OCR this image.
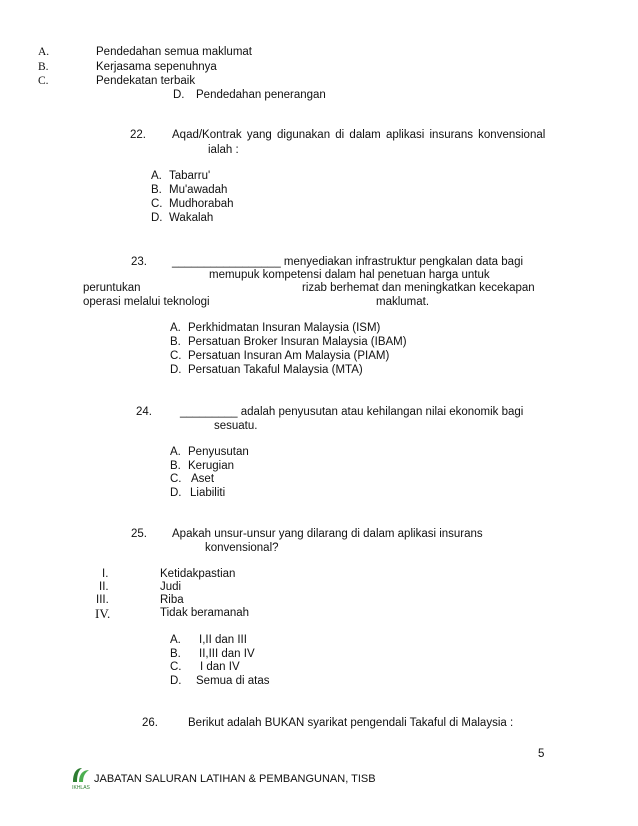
A.	Pendedahan semua maklumat
B.	Kerjasama sepenuhnya
C.	Pendekatan terbaik
D. Pendedahan penerangan
22. Aqad/Kontrak yang digunakan di dalam aplikasi insurans konvensional
ialah :
A. Tabarru'
B. Mu'awadah
C. Mudhorabah
D. Wakalah
23. _________________ menyediakan infrastruktur pengkalan data bagi
memupuk kompetensi dalam hal penetuan harga untuk
peruntukan	rizab berhemat dan meningkatkan kecekapan
operasi melalui teknologi	maklumat.
A. Perkhidmatan Insuran Malaysia (ISM)
B. Persatuan Broker Insuran Malaysia (IBAM)
C. Persatuan Insuran Am Malaysia (PIAM)
D. Persatuan Takaful Malaysia (MTA)
24. _________ adalah penyusutan atau kehilangan nilai ekonomik bagi
sesuatu.
A. Penyusutan
B. Kerugian
C. Aset
D. Liabiliti
25. Apakah unsur-unsur yang dilarang di dalam aplikasi insurans
konvensional?
I.	Ketidakpastian
II.	Judi
III.	Riba
IV.	Tidak beramanah
A. I,II dan III
B. II,III dan IV
C. I dan IV
D. Semua di atas
26.	Berikut adalah BUKAN syarikat pengendali Takaful di Malaysia :
5
IKHLAS
JABATAN SALURAN LATIHAN & PEMBANGUNAN, TISB
